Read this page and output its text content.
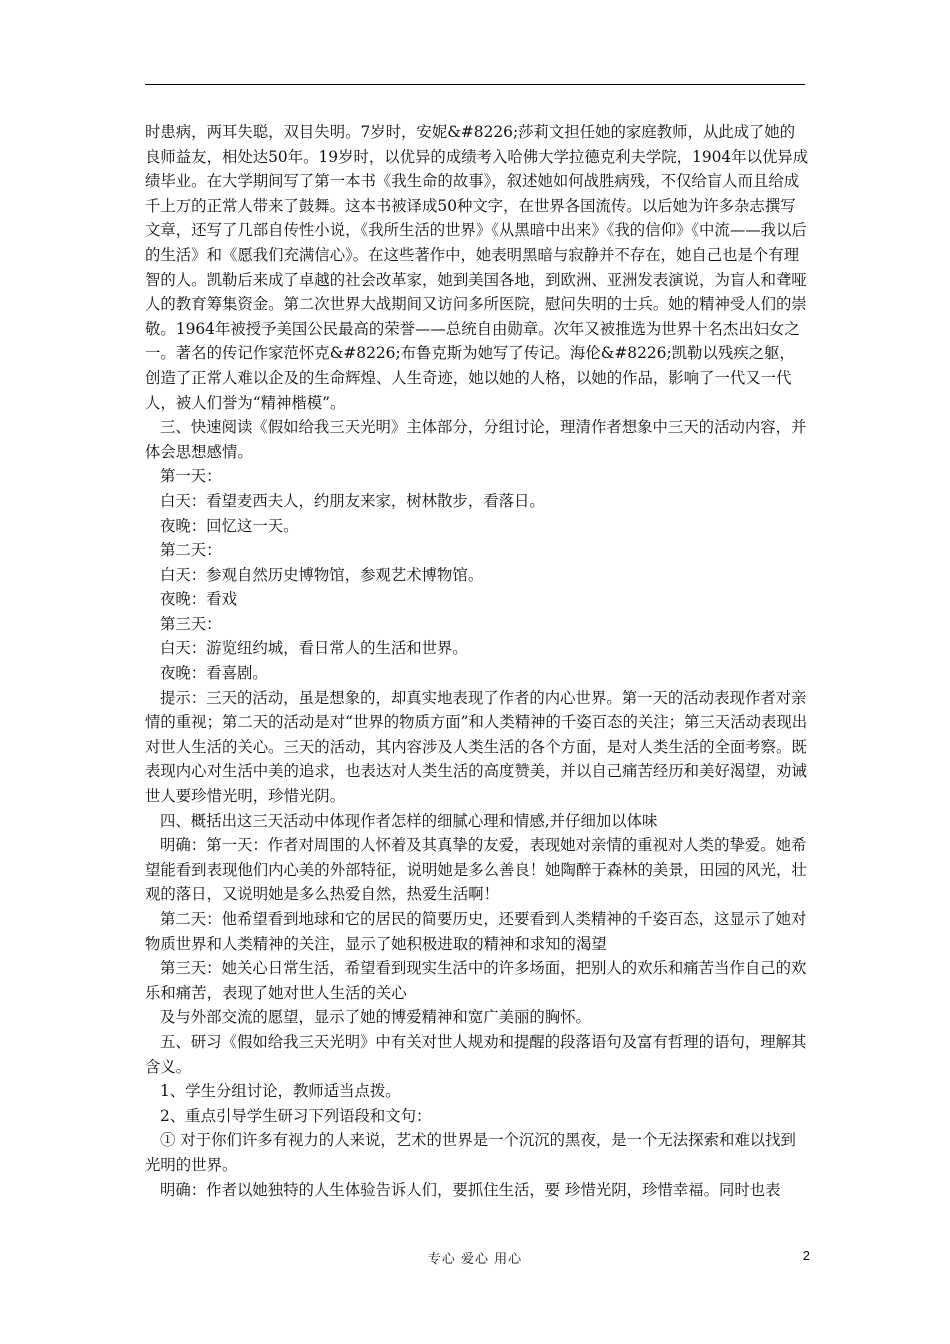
时患病，两耳失聪，双目失明。7岁时，安妮&#8226;莎莉文担任她的家庭教师，从此成了她的良师益友，相处达50年。19岁时，以优异的成绩考入哈佛大学拉德克利夫学院，1904年以优异成绩毕业。在大学期间写了第一本书《我生命的故事》，叙述她如何战胜病残，不仅给盲人而且给成千上万的正常人带来了鼓舞。这本书被译成50种文字，在世界各国流传。以后她为许多杂志撰写文章，还写了几部自传性小说，《我所生活的世界》《从黑暗中出来》《我的信仰》《中流——我以后的生活》和《愿我们充满信心》。在这些著作中，她表明黑暗与寂静并不存在，她自己也是个有理智的人。凯勒后来成了卓越的社会改革家，她到美国各地，到欧洲、亚洲发表演说，为盲人和聋哑人的教育筹集资金。第二次世界大战期间又访问多所医院，慰问失明的士兵。她的精神受人们的崇敬。1964年被授予美国公民最高的荣誉——总统自由勋章。次年又被推选为世界十名杰出妇女之一。著名的传记作家范怀克&#8226;布鲁克斯为她写了传记。海伦&#8226;凯勒以残疾之躯，创造了正常人难以企及的生命辉煌、人生奇迹，她以她的人格，以她的作品，影响了一代又一代人，被人们誉为“精神楷模”。

三、快速阅读《假如给我三天光明》主体部分，分组讨论，理清作者想象中三天的活动内容，并体会思想感情。

第一天：

白天：看望麦西夫人，约朋友来家，树林散步，看落日。

夜晚：回忆这一天。

第二天：

白天：参观自然历史博物馆，参观艺术博物馆。

夜晚：看戏

第三天：

白天：游览纽约城，看日常人的生活和世界。

夜晚：看喜剧。

提示：三天的活动，虽是想象的，却真实地表现了作者的内心世界。第一天的活动表现作者对亲情的重视；第二天的活动是对“世界的物质方面”和人类精神的千姿百态的关注；第三天活动表现出对世人生活的关心。三天的活动，其内容涉及人类生活的各个方面，是对人类生活的全面考察。既表现内心对生活中美的追求，也表达对人类生活的高度赞美，并以自己痛苦经历和美好渴望，劝诫世人要珍惜光明，珍惜光阴。

四、概括出这三天活动中体现作者怎样的细腻心理和情感,并仔细加以体味

明确：第一天：作者对周围的人怀着及其真挚的友爱，表现她对亲情的重视对人类的挚爱。她希望能看到表现他们内心美的外部特征，说明她是多么善良！她陶醉于森林的美景，田园的风光，壮观的落日，又说明她是多么热爱自然，热爱生活啊！

第二天：他希望看到地球和它的居民的简要历史，还要看到人类精神的千姿百态，这显示了她对物质世界和人类精神的关注，显示了她积极进取的精神和求知的渴望

第三天：她关心日常生活，希望看到现实生活中的许多场面，把别人的欢乐和痛苦当作自己的欢乐和痛苦，表现了她对世人生活的关心

及与外部交流的愿望，显示了她的博爱精神和宽广美丽的胸怀。

五、研习《假如给我三天光明》中有关对世人规劝和提醒的段落语句及富有哲理的语句，理解其含义。

1、学生分组讨论，教师适当点拨。

2、重点引导学生研习下列语段和文句：

① 对于你们许多有视力的人来说，艺术的世界是一个沉沉的黑夜，是一个无法探索和难以找到光明的世界。

明确：作者以她独特的人生体验告诉人们，要抓住生活，要 珍惜光阴，珍惜幸福。同时也表

专心 爱心 用心	2
